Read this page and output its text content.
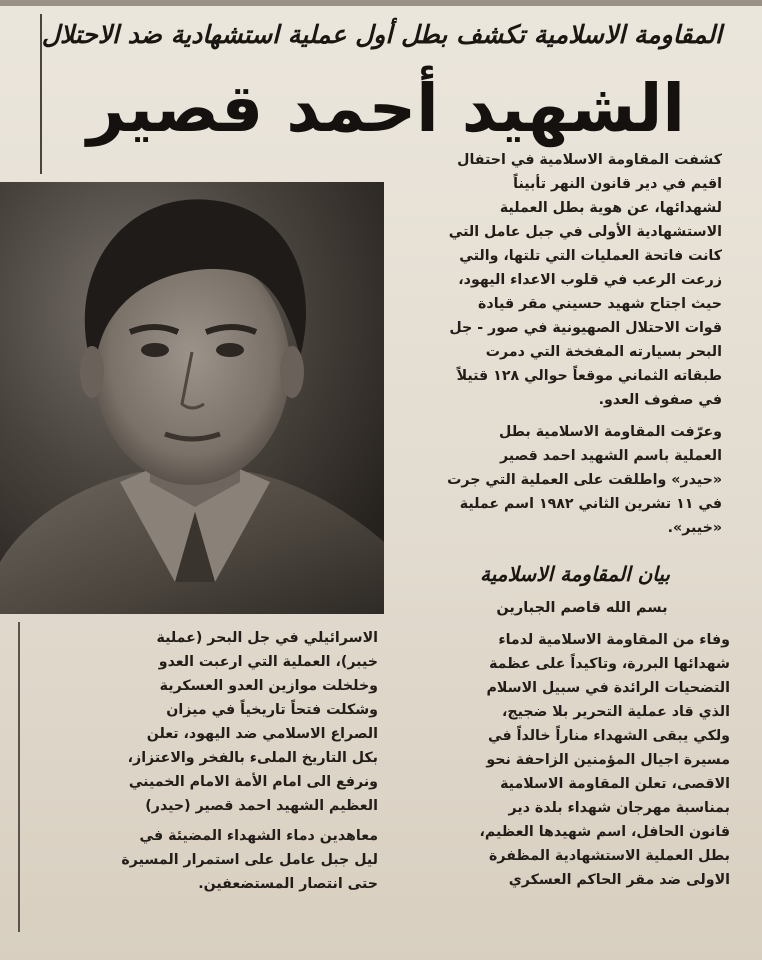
المقاومة الاسلامية تكشف بطل أول عملية استشهادية ضد الاحتلال
الشهيد أحمد قصير

كشفت المقاومة الاسلامية في احتفال

اقيم في دير قانون النهر تأبيناً

لشهدائها، عن هوية بطل العملية

الاستشهادية الأولى في جبل عامل التي

كانت فاتحة العمليات التي تلتها، والتي

زرعت الرعب في قلوب الاعداء اليهود،

حيث اجتاح شهيد حسيني مقر قيادة

قوات الاحتلال الصهيونية في صور - جل

البحر بسيارته المفخخة التي دمرت

طبقاته الثماني موقعاً حوالي ١٢٨ قتيلاً

في صفوف العدو.

وعرّفت المقاومة الاسلامية بطل

العملية باسم الشهيد احمد قصير

«حيدر» واطلقت على العملية التي جرت

في ١١ تشرين الثاني ١٩٨٢ اسم عملية

«خيبر».

بيان المقاومة الاسلامية
بسم الله قاصم الجبارين

وفاء من المقاومة الاسلامية لدماء

شهدائها البررة، وتاكيداً على عظمة

التضحيات الرائدة في سبيل الاسلام

الذي قاد عملية التحرير بلا ضجيج،

ولكي يبقى الشهداء مناراً خالداً في

مسيرة اجيال المؤمنين الزاحفة نحو

الاقصى، تعلن المقاومة الاسلامية

بمناسبة مهرجان شهداء بلدة دير

قانون الحافل، اسم شهيدها العظيم،

بطل العملية الاستشهادية المظفرة

الاولى ضد مقر الحاكم العسكري

الاسرائيلي في جل البحر (عملية

خيبر)، العملية التي ارعبت العدو

وخلخلت موازين العدو العسكرية

وشكلت فتحاً تاريخياً في ميزان

الصراع الاسلامي ضد اليهود، تعلن

بكل التاريخ الملىء بالفخر والاعتزاز،

ونرفع الى امام الأمة الامام الخميني

العظيم الشهيد احمد قصير (حيدر)

معاهدين دماء الشهداء المضيئة في

ليل جبل عامل على استمرار المسيرة

حتى انتصار المستضعفين.
